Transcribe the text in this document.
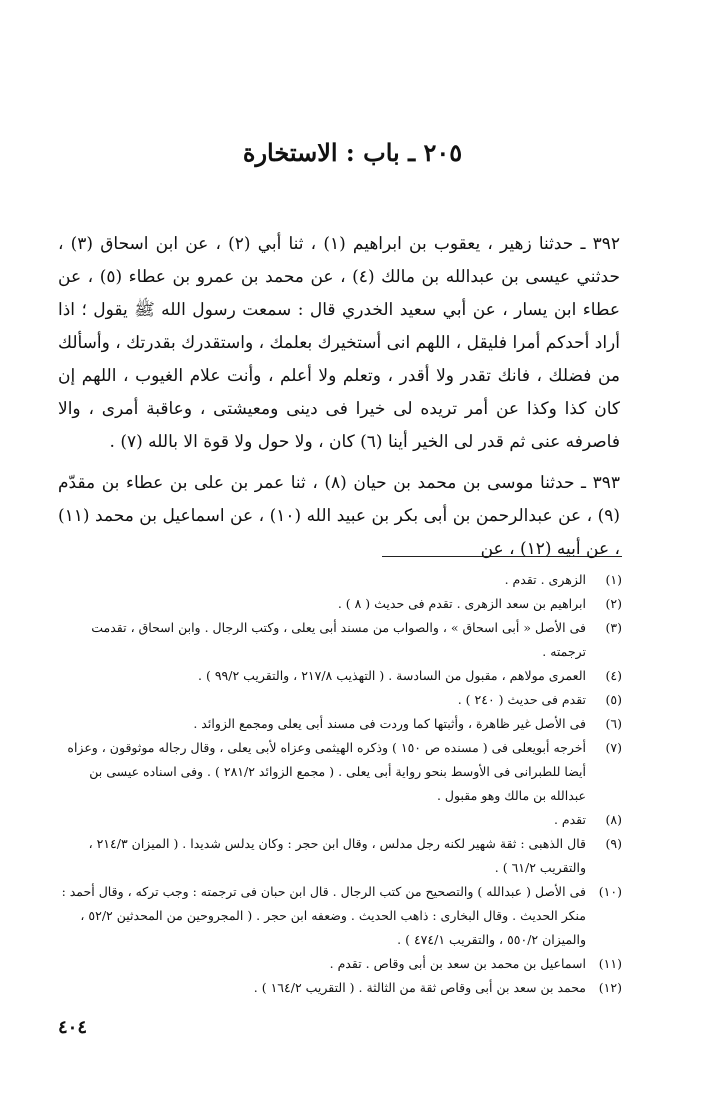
٢٠٥ ـ باب : الاستخارة

٣٩٢ ـ حدثنا زهير ، يعقوب بن ابراهيم (١) ، ثنا أبي (٢) ، عن ابن اسحاق (٣) ، حدثني عيسى بن عبدالله بن مالك (٤) ، عن محمد بن عمرو بن عطاء (٥) ، عن عطاء ابن يسار ، عن أبي سعيد الخدري قال : سمعت رسول الله ﷺ يقول ؛ اذا أراد أحدكم أمرا فليقل ، اللهم انى أستخيرك بعلمك ، واستقدرك بقدرتك ، وأسألك من فضلك ، فانك تقدر ولا أقدر ، وتعلم ولا أعلم ، وأنت علام الغيوب ، اللهم إن كان كذا وكذا عن أمر تريده لى خيرا فى دينى ومعيشتى ، وعاقبة أمرى ، والا فاصرفه عنى ثم قدر لى الخير أينا (٦) كان ، ولا حول ولا قوة الا بالله (٧) .

٣٩٣ ـ حدثنا موسى بن محمد بن حيان (٨) ، ثنا عمر بن على بن عطاء بن مقدّم (٩) ، عن عبدالرحمن بن أبى بكر بن عبيد الله (١٠) ، عن اسماعيل بن محمد (١١) ، عن أبيه (١٢) ، عن

(١)
الزهرى . تقدم .
(٢)
ابراهيم بن سعد الزهرى . تقدم فى حديث ( ٨ ) .
(٣)
فى الأصل « أبى اسحاق » ، والصواب من مسند أبى يعلى ، وكتب الرجال . وابن اسحاق ، تقدمت ترجمته .
(٤)
العمرى مولاهم ، مقبول من السادسة . ( التهذيب ٢١٧/٨ ، والتقريب ٩٩/٢ ) .
(٥)
تقدم فى حديث ( ٢٤٠ ) .
(٦)
فى الأصل غير ظاهرة ، وأثبتها كما وردت فى مسند أبى يعلى ومجمع الزوائد .
(٧)
أخرجه أبويعلى فى ( مسنده ص ١٥٠ ) وذكره الهيثمى وعزاه لأبى يعلى ، وقال رجاله موثوقون ، وعزاه أيضا للطبرانى فى الأوسط بنحو رواية أبى يعلى . ( مجمع الزوائد ٢٨١/٢ ) . وفى اسناده عيسى بن عبدالله بن مالك وهو مقبول .
(٨)
تقدم .
(٩)
قال الذهبى : ثقة شهير لكنه رجل مدلس ، وقال ابن حجر : وكان يدلس شديدا . ( الميزان ٢١٤/٣ ، والتقريب ٦١/٢ ) .
(١٠)
فى الأصل ( عبدالله ) والتصحيح من كتب الرجال . قال ابن حبان فى ترجمته : وجب تركه ، وقال أحمد : منكر الحديث . وقال البخارى : ذاهب الحديث . وضعفه ابن حجر . ( المجروحين من المحدثين ٥٢/٢ ، والميزان ٥٥٠/٢ ، والتقريب ٤٧٤/١ ) .
(١١)
اسماعيل بن محمد بن سعد بن أبى وقاص . تقدم .
(١٢)
محمد بن سعد بن أبى وقاص ثقة من الثالثة . ( التقريب ١٦٤/٢ ) .
٤٠٤
